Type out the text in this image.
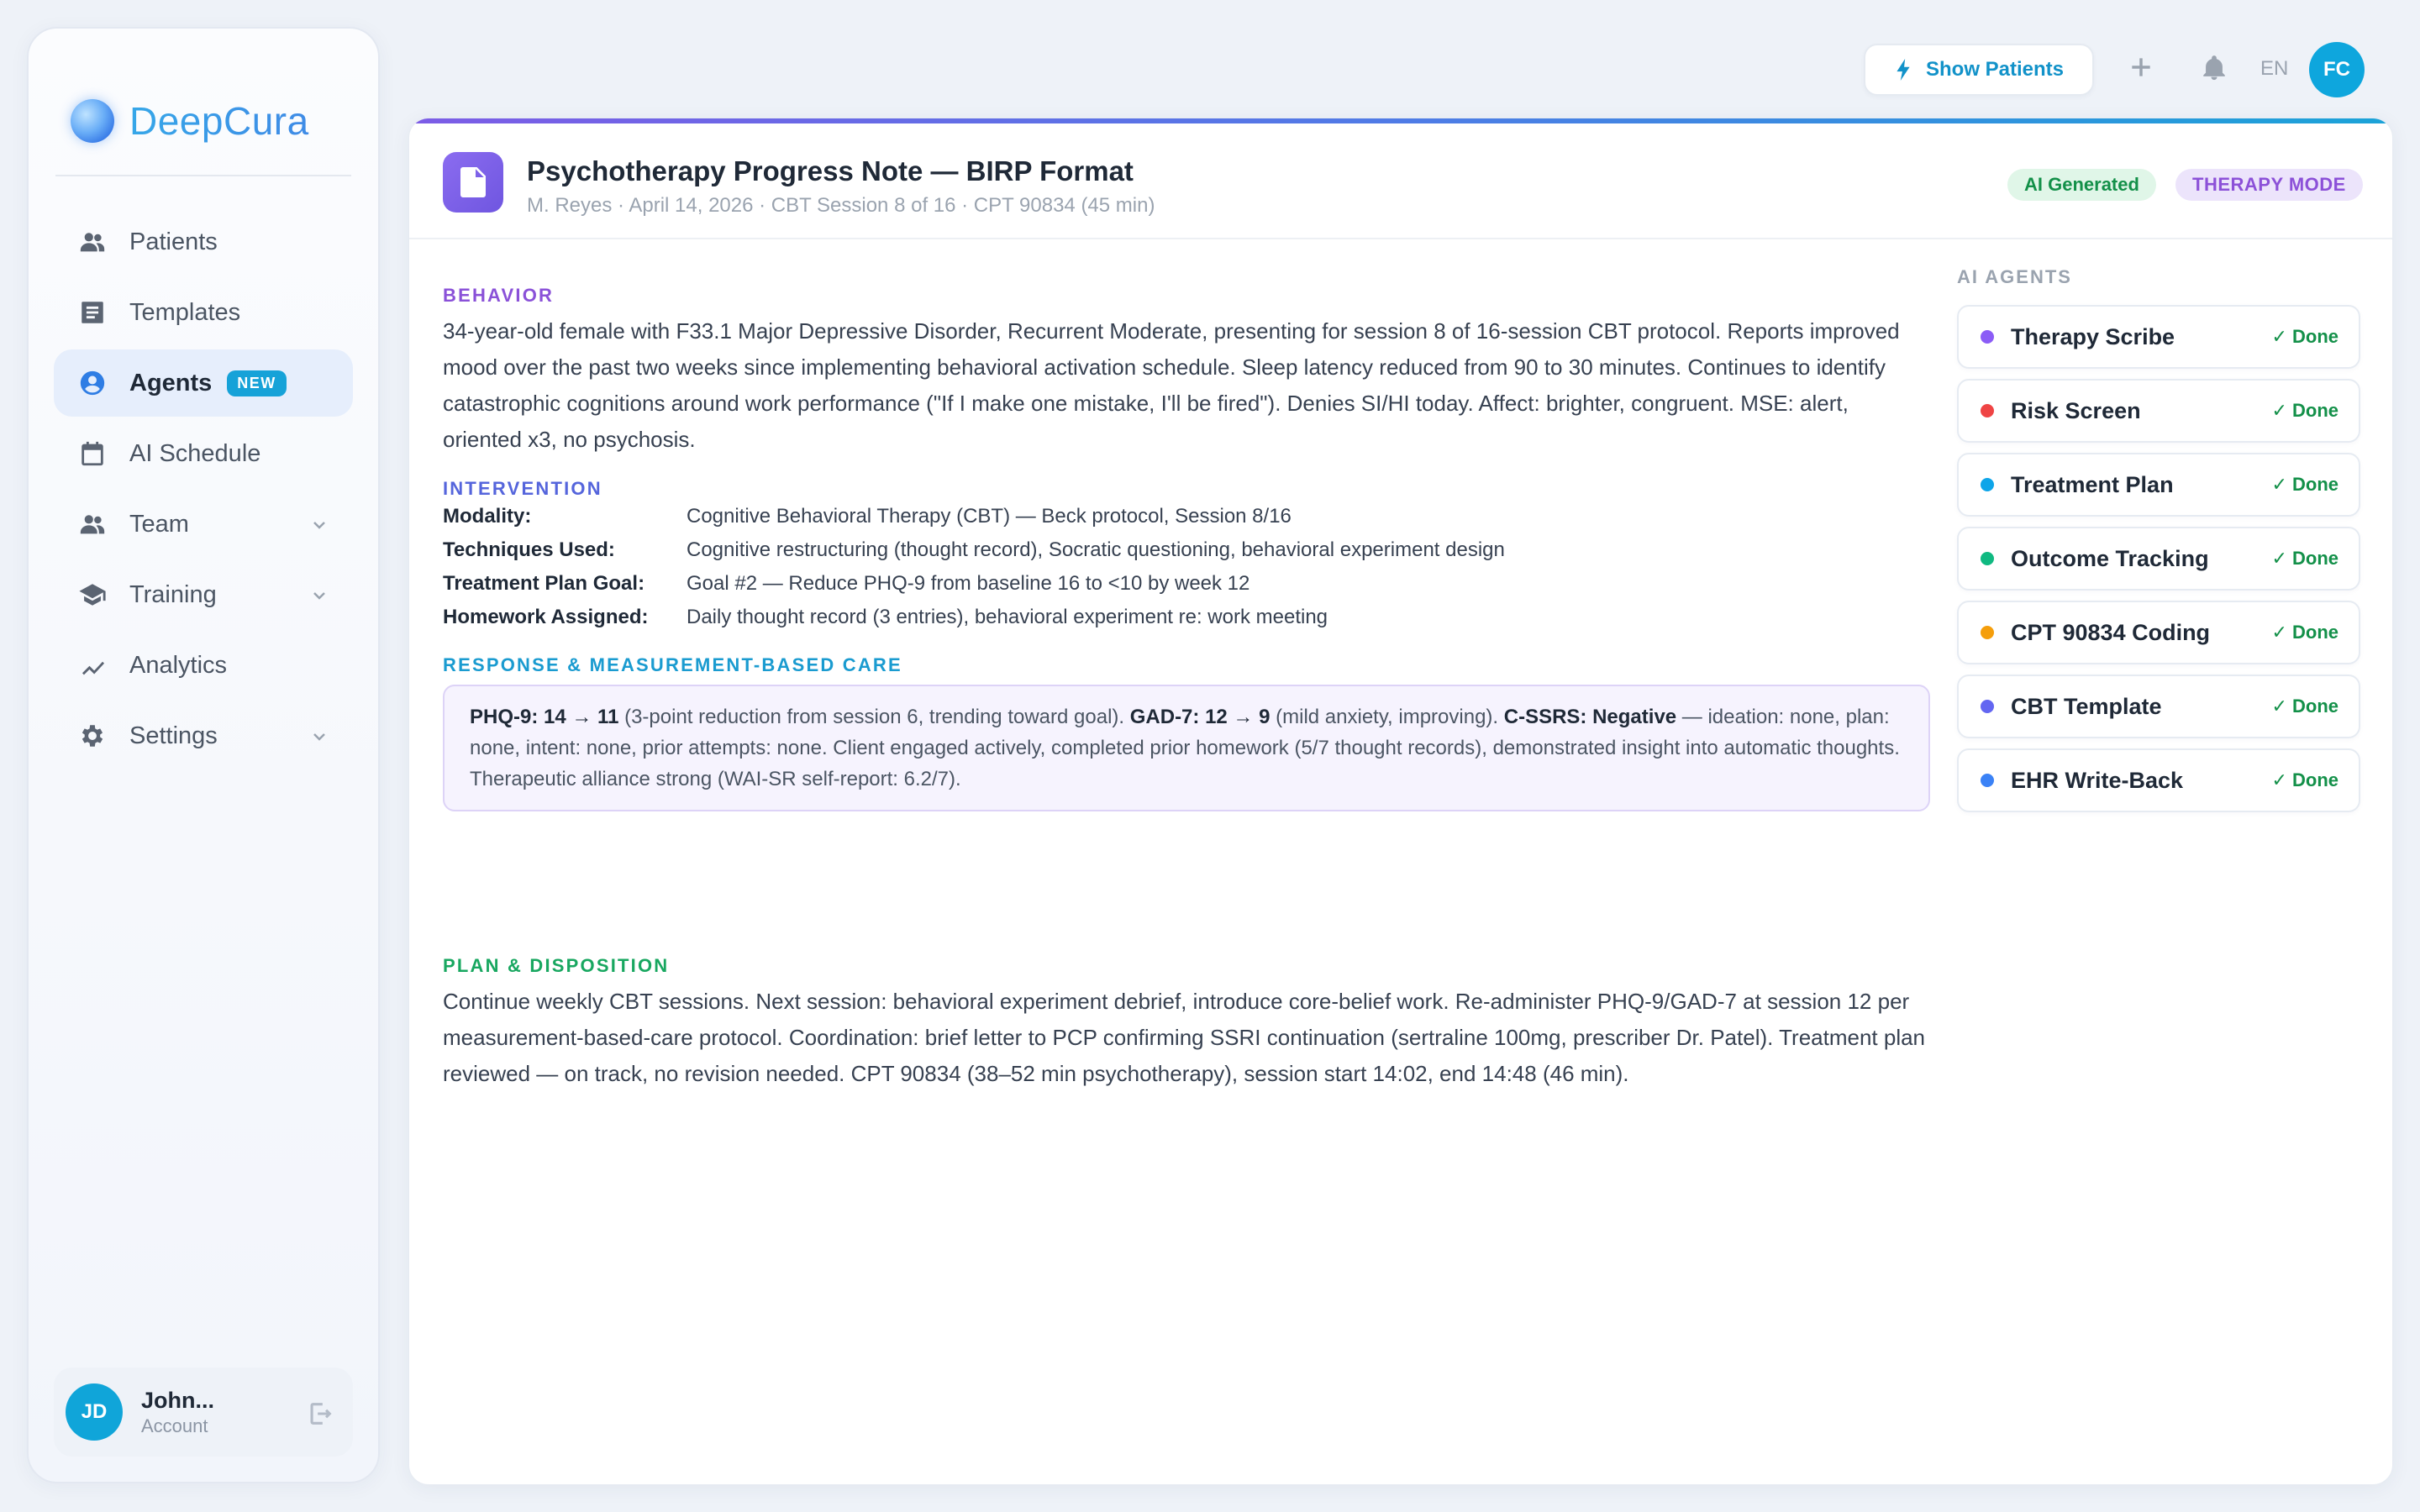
DeepCura
Patients
Templates
Agents	NEW
AI Schedule
Team
Training
Analytics
Settings
JD	John...
Account
Show Patients	EN	FC
Psychotherapy Progress Note — BIRP Format
M. Reyes · April 14, 2026 · CBT Session 8 of 16 · CPT 90834 (45 min)
AI Generated	THERAPY MODE
BEHAVIOR
34-year-old female with F33.1 Major Depressive Disorder, Recurrent Moderate, presenting for session 8 of 16-session CBT protocol. Reports improved mood over the past two weeks since implementing behavioral activation schedule. Sleep latency reduced from 90 to 30 minutes. Continues to identify catastrophic cognitions around work performance ("If I make one mistake, I'll be fired"). Denies SI/HI today. Affect: brighter, congruent. MSE: alert, oriented x3, no psychosis.
INTERVENTION
Modality:	Cognitive Behavioral Therapy (CBT) — Beck protocol, Session 8/16
Techniques Used:	Cognitive restructuring (thought record), Socratic questioning, behavioral experiment design
Treatment Plan Goal:	Goal #2 — Reduce PHQ-9 from baseline 16 to <10 by week 12
Homework Assigned:	Daily thought record (3 entries), behavioral experiment re: work meeting
RESPONSE & MEASUREMENT-BASED CARE
PHQ-9: 14 → 11 (3-point reduction from session 6, trending toward goal). GAD-7: 12 → 9 (mild anxiety, improving). C-SSRS: Negative — ideation: none, plan: none, intent: none, prior attempts: none. Client engaged actively, completed prior homework (5/7 thought records), demonstrated insight into automatic thoughts. Therapeutic alliance strong (WAI-SR self-report: 6.2/7).
PLAN & DISPOSITION
Continue weekly CBT sessions. Next session: behavioral experiment debrief, introduce core-belief work. Re-administer PHQ-9/GAD-7 at session 12 per measurement-based-care protocol. Coordination: brief letter to PCP confirming SSRI continuation (sertraline 100mg, prescriber Dr. Patel). Treatment plan reviewed — on track, no revision needed. CPT 90834 (38–52 min psychotherapy), session start 14:02, end 14:48 (46 min).
AI AGENTS
Therapy Scribe	✓ Done
Risk Screen	✓ Done
Treatment Plan	✓ Done
Outcome Tracking	✓ Done
CPT 90834 Coding	✓ Done
CBT Template	✓ Done
EHR Write-Back	✓ Done
